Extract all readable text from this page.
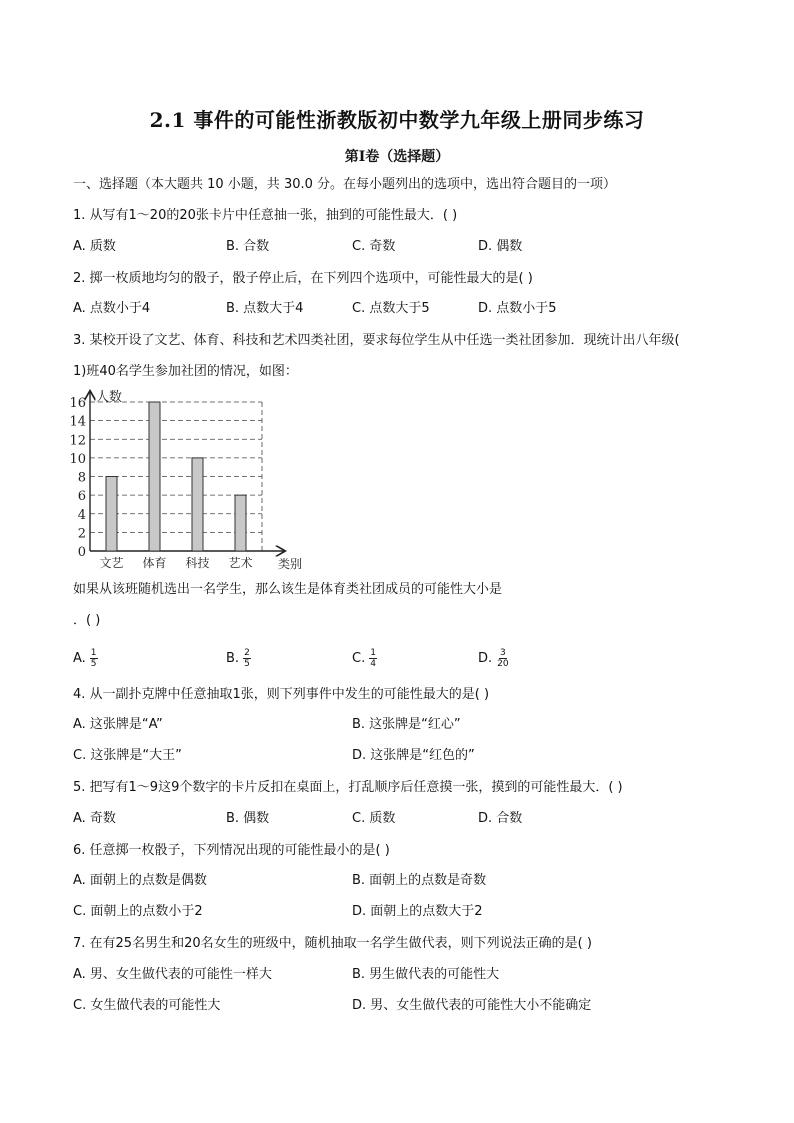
2.1 事件的可能性浙教版初中数学九年级上册同步练习
第Ⅰ卷（选择题）
一、选择题（本大题共 10 小题，共 30.0 分。在每小题列出的选项中，选出符合题目的一项）
1. 从写有1～20的20张卡片中任意抽一张，抽到的可能性最大．( )
A. 质数	B. 合数	C. 奇数	D. 偶数
2. 掷一枚质地均匀的骰子，骰子停止后，在下列四个选项中，可能性最大的是( )
A. 点数小于4	B. 点数大于4	C. 点数大于5	D. 点数小于5
3. 某校开设了文艺、体育、科技和艺术四类社团，要求每位学生从中任选一类社团参加．现统计出八年级(
1)班40名学生参加社团的情况，如图：
0
2
4
6
8
10
12
14
16
文艺 体育 科技 艺术
人数
类别
如果从该班随机选出一名学生，那么该生是体育类社团成员的可能性大小是
．( )
A. $\frac{1}{5}$	B. $\frac{2}{5}$	C. $\frac{1}{4}$	D. $\frac{3}{20}$
4. 从一副扑克牌中任意抽取1张，则下列事件中发生的可能性最大的是( )
A. 这张牌是“A”	B. 这张牌是“红心”
C. 这张牌是“大王”	D. 这张牌是“红色的”
5. 把写有1～9这9个数字的卡片反扣在桌面上，打乱顺序后任意摸一张，摸到的可能性最大．( )
A. 奇数	B. 偶数	C. 质数	D. 合数
6. 任意掷一枚骰子，下列情况出现的可能性最小的是( )
A. 面朝上的点数是偶数	B. 面朝上的点数是奇数
C. 面朝上的点数小于2	D. 面朝上的点数大于2
7. 在有25名男生和20名女生的班级中，随机抽取一名学生做代表，则下列说法正确的是( )
A. 男、女生做代表的可能性一样大	B. 男生做代表的可能性大
C. 女生做代表的可能性大	D. 男、女生做代表的可能性大小不能确定
